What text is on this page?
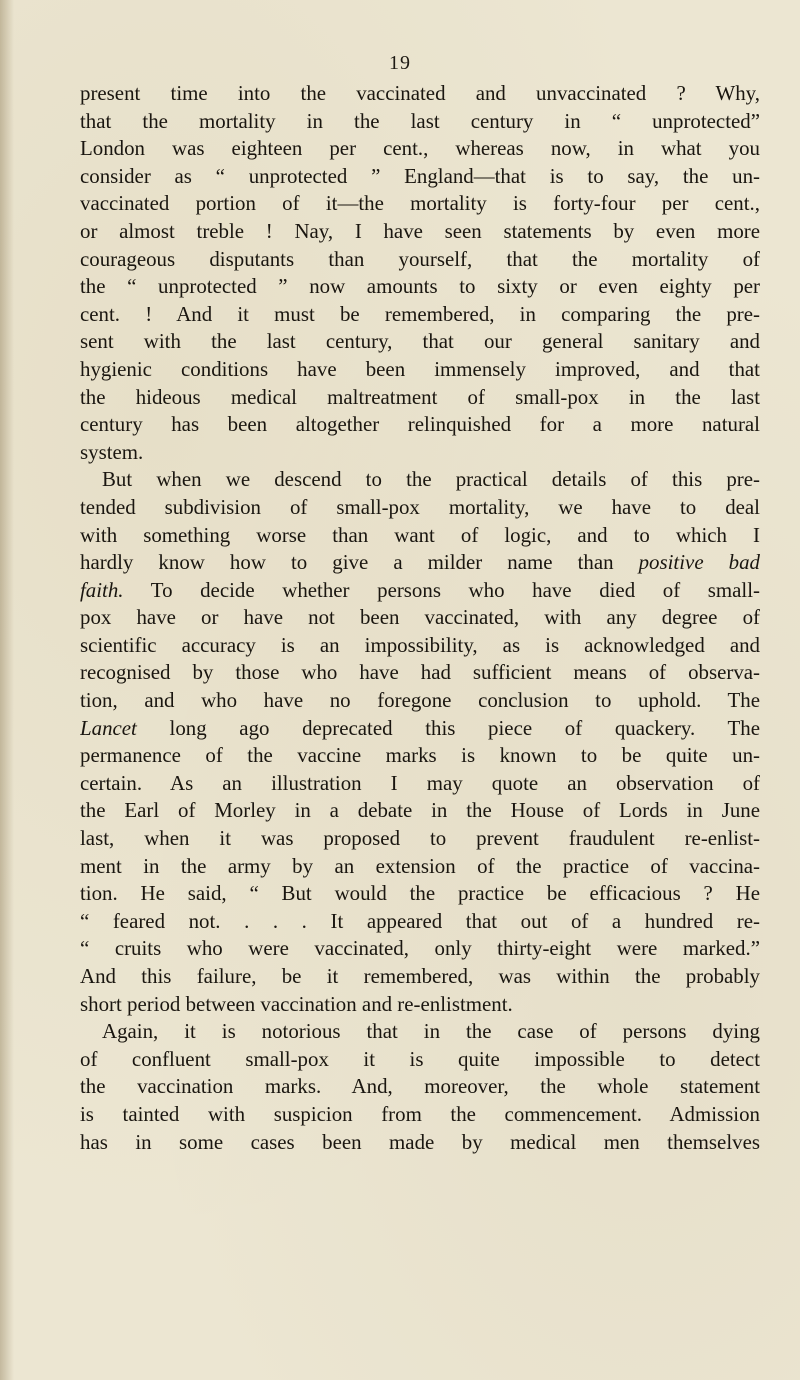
19
present time into the vaccinated and unvaccinated ? Why,
that the mortality in the last century in “ unprotected”
London was eighteen per cent., whereas now, in what you
consider as “ unprotected ” England—that is to say, the un-
vaccinated portion of it—the mortality is forty-four per cent.,
or almost treble ! Nay, I have seen statements by even more
courageous disputants than yourself, that the mortality of
the “ unprotected ” now amounts to sixty or even eighty per
cent. ! And it must be remembered, in comparing the pre-
sent with the last century, that our general sanitary and
hygienic conditions have been immensely improved, and that
the hideous medical maltreatment of small-pox in the last
century has been altogether relinquished for a more natural
system.
But when we descend to the practical details of this pre-
tended subdivision of small-pox mortality, we have to deal
with something worse than want of logic, and to which I
hardly know how to give a milder name than positive bad
faith. To decide whether persons who have died of small-
pox have or have not been vaccinated, with any degree of
scientific accuracy is an impossibility, as is acknowledged and
recognised by those who have had sufficient means of observa-
tion, and who have no foregone conclusion to uphold. The
Lancet long ago deprecated this piece of quackery. The
permanence of the vaccine marks is known to be quite un-
certain. As an illustration I may quote an observation of
the Earl of Morley in a debate in the House of Lords in June
last, when it was proposed to prevent fraudulent re-enlist-
ment in the army by an extension of the practice of vaccina-
tion. He said, “ But would the practice be efficacious ? He
“ feared not. . . . It appeared that out of a hundred re-
“ cruits who were vaccinated, only thirty-eight were marked.”
And this failure, be it remembered, was within the probably
short period between vaccination and re-enlistment.
Again, it is notorious that in the case of persons dying
of confluent small-pox it is quite impossible to detect
the vaccination marks. And, moreover, the whole statement
is tainted with suspicion from the commencement. Admission
has in some cases been made by medical men themselves
